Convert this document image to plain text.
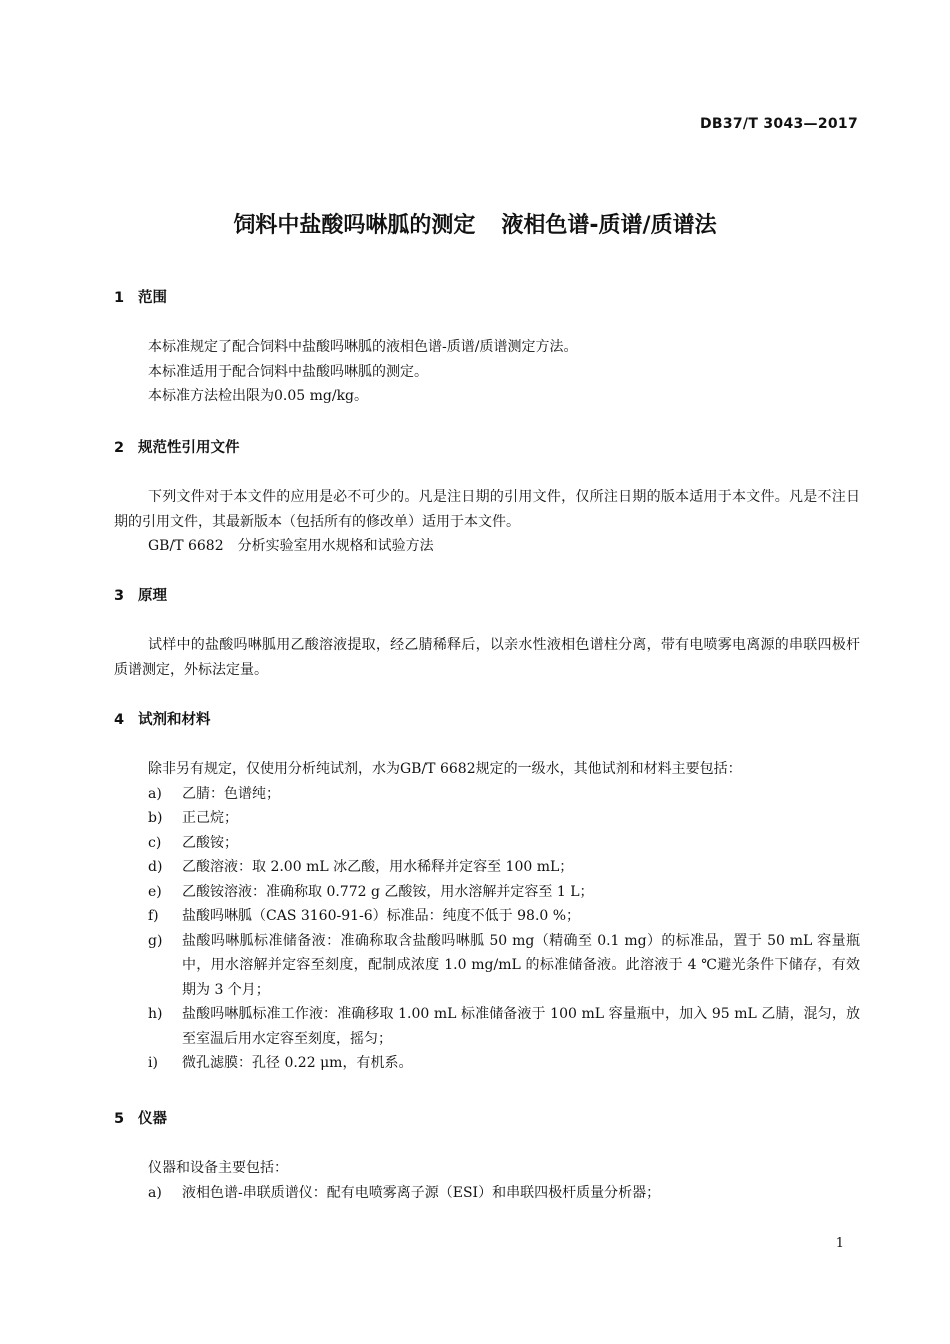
DB37/T 3043—2017
饲料中盐酸吗啉胍的测定 液相色谱-质谱/质谱法
1 范围
本标准规定了配合饲料中盐酸吗啉胍的液相色谱-质谱/质谱测定方法。
本标准适用于配合饲料中盐酸吗啉胍的测定。
本标准方法检出限为0.05 mg/kg。
2 规范性引用文件
下列文件对于本文件的应用是必不可少的。凡是注日期的引用文件，仅所注日期的版本适用于本文件。凡是不注日期的引用文件，其最新版本（包括所有的修改单）适用于本文件。
GB/T 6682　分析实验室用水规格和试验方法
3 原理
试样中的盐酸吗啉胍用乙酸溶液提取，经乙腈稀释后，以亲水性液相色谱柱分离，带有电喷雾电离源的串联四极杆质谱测定，外标法定量。
4 试剂和材料
除非另有规定，仅使用分析纯试剂，水为GB/T 6682规定的一级水，其他试剂和材料主要包括：
a) 乙腈：色谱纯；
b) 正己烷；
c) 乙酸铵；
d) 乙酸溶液：取 2.00 mL 冰乙酸，用水稀释并定容至 100 mL；
e) 乙酸铵溶液：准确称取 0.772 g 乙酸铵，用水溶解并定容至 1 L；
f) 盐酸吗啉胍（CAS 3160-91-6）标准品：纯度不低于 98.0 %；
g) 盐酸吗啉胍标准储备液：准确称取含盐酸吗啉胍 50 mg（精确至 0.1 mg）的标准品，置于 50 mL 容量瓶中，用水溶解并定容至刻度，配制成浓度 1.0 mg/mL 的标准储备液。此溶液于 4 ℃避光条件下储存，有效期为 3 个月；
h) 盐酸吗啉胍标准工作液：准确移取 1.00 mL 标准储备液于 100 mL 容量瓶中，加入 95 mL 乙腈，混匀，放至室温后用水定容至刻度，摇匀；
i) 微孔滤膜：孔径 0.22 μm，有机系。
5 仪器
仪器和设备主要包括：
a) 液相色谱-串联质谱仪：配有电喷雾离子源（ESI）和串联四极杆质量分析器；
1
